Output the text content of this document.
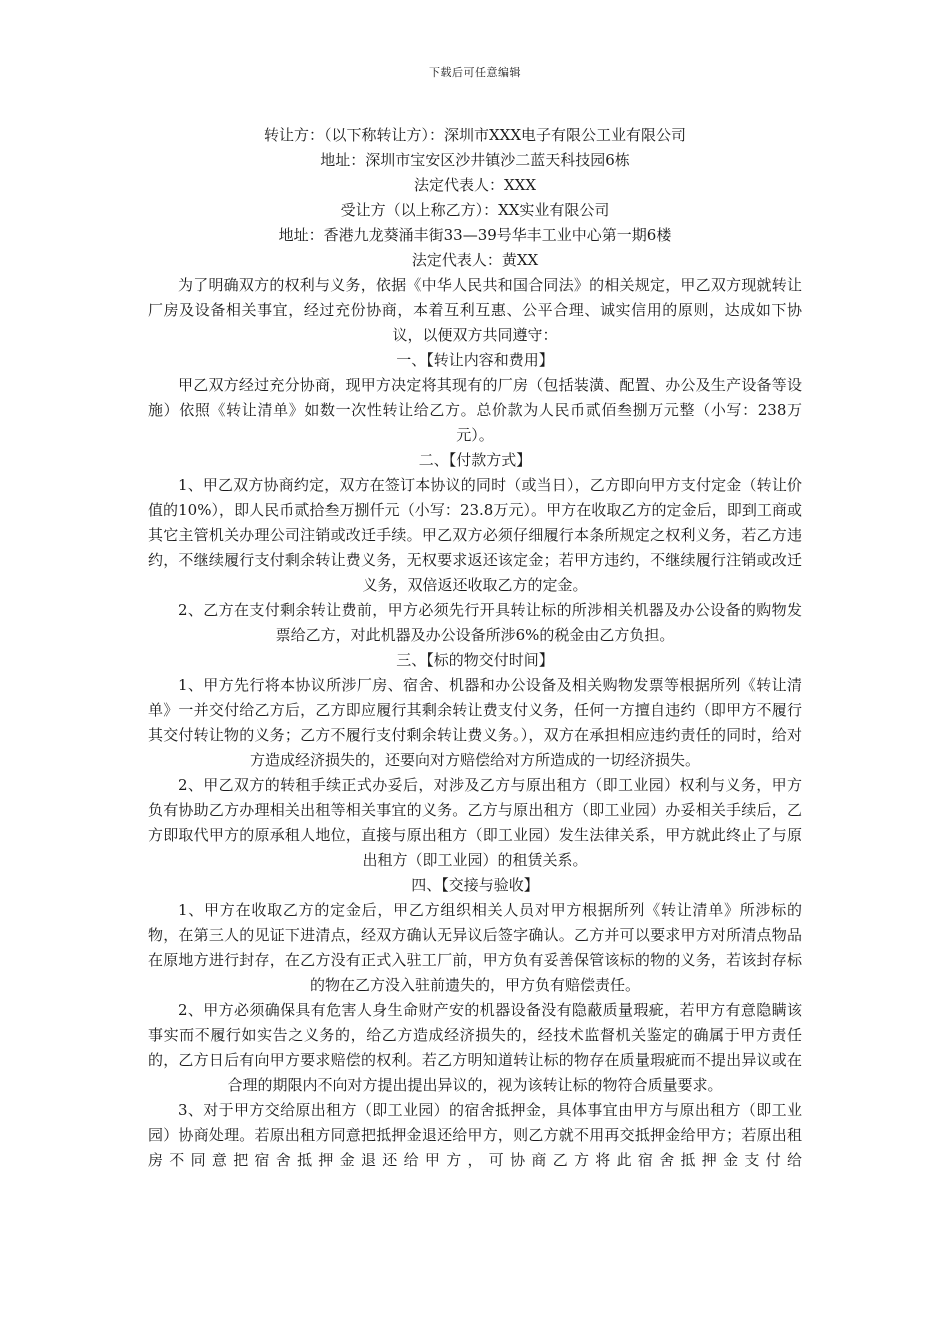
下载后可任意编辑

转让方：（以下称转让方）：深圳市XXX电子有限公工业有限公司

地址：深圳市宝安区沙井镇沙二蓝天科技园6栋

法定代表人：XXX

受让方（以上称乙方）：XX实业有限公司

地址：香港九龙葵涌丰街33—39号华丰工业中心第一期6楼

法定代表人：黄XX

为了明确双方的权利与义务，依据《中华人民共和国合同法》的相关规定，甲乙双方现就转让厂房及设备相关事宜，经过充份协商，本着互利互惠、公平合理、诚实信用的原则，达成如下协议，以便双方共同遵守：

一、【转让内容和费用】

甲乙双方经过充分协商，现甲方决定将其现有的厂房（包括装潢、配置、办公及生产设备等设施）依照《转让清单》如数一次性转让给乙方。总价款为人民币贰佰叁捌万元整（小写：238万元）。

二、【付款方式】

1、甲乙双方协商约定，双方在签订本协议的同时（或当日），乙方即向甲方支付定金（转让价值的10%），即人民币贰拾叁万捌仟元（小写：23.8万元）。甲方在收取乙方的定金后，即到工商或其它主管机关办理公司注销或改迁手续。甲乙双方必须仔细履行本条所规定之权利义务，若乙方违约，不继续履行支付剩余转让费义务，无权要求返还该定金；若甲方违约，不继续履行注销或改迁义务，双倍返还收取乙方的定金。

2、乙方在支付剩余转让费前，甲方必须先行开具转让标的所涉相关机器及办公设备的购物发票给乙方，对此机器及办公设备所涉6%的税金由乙方负担。

三、【标的物交付时间】

1、甲方先行将本协议所涉厂房、宿舍、机器和办公设备及相关购物发票等根据所列《转让清单》一并交付给乙方后，乙方即应履行其剩余转让费支付义务，任何一方擅自违约（即甲方不履行其交付转让物的义务；乙方不履行支付剩余转让费义务。），双方在承担相应违约责任的同时，给对方造成经济损失的，还要向对方赔偿给对方所造成的一切经济损失。

2、甲乙双方的转租手续正式办妥后，对涉及乙方与原出租方（即工业园）权利与义务，甲方负有协助乙方办理相关出租等相关事宜的义务。乙方与原出租方（即工业园）办妥相关手续后，乙方即取代甲方的原承租人地位，直接与原出租方（即工业园）发生法律关系，甲方就此终止了与原出租方（即工业园）的租赁关系。

四、【交接与验收】

1、甲方在收取乙方的定金后，甲乙方组织相关人员对甲方根据所列《转让清单》所涉标的物，在第三人的见证下进清点，经双方确认无异议后签字确认。乙方并可以要求甲方对所清点物品在原地方进行封存，在乙方没有正式入驻工厂前，甲方负有妥善保管该标的物的义务，若该封存标的物在乙方没入驻前遗失的，甲方负有赔偿责任。

2、甲方必须确保具有危害人身生命财产安的机器设备没有隐蔽质量瑕疵，若甲方有意隐瞒该事实而不履行如实告之义务的，给乙方造成经济损失的，经技术监督机关鉴定的确属于甲方责任的，乙方日后有向甲方要求赔偿的权利。若乙方明知道转让标的物存在质量瑕疵而不提出异议或在合理的期限内不向对方提出提出异议的，视为该转让标的物符合质量要求。

3、对于甲方交给原出租方（即工业园）的宿舍抵押金，具体事宜由甲方与原出租方（即工业园）协商处理。若原出租方同意把抵押金退还给甲方，则乙方就不用再交抵押金给甲方；若原出租房不同意把宿舍抵押金退还给甲方，可协商乙方将此宿舍抵押金支付给
